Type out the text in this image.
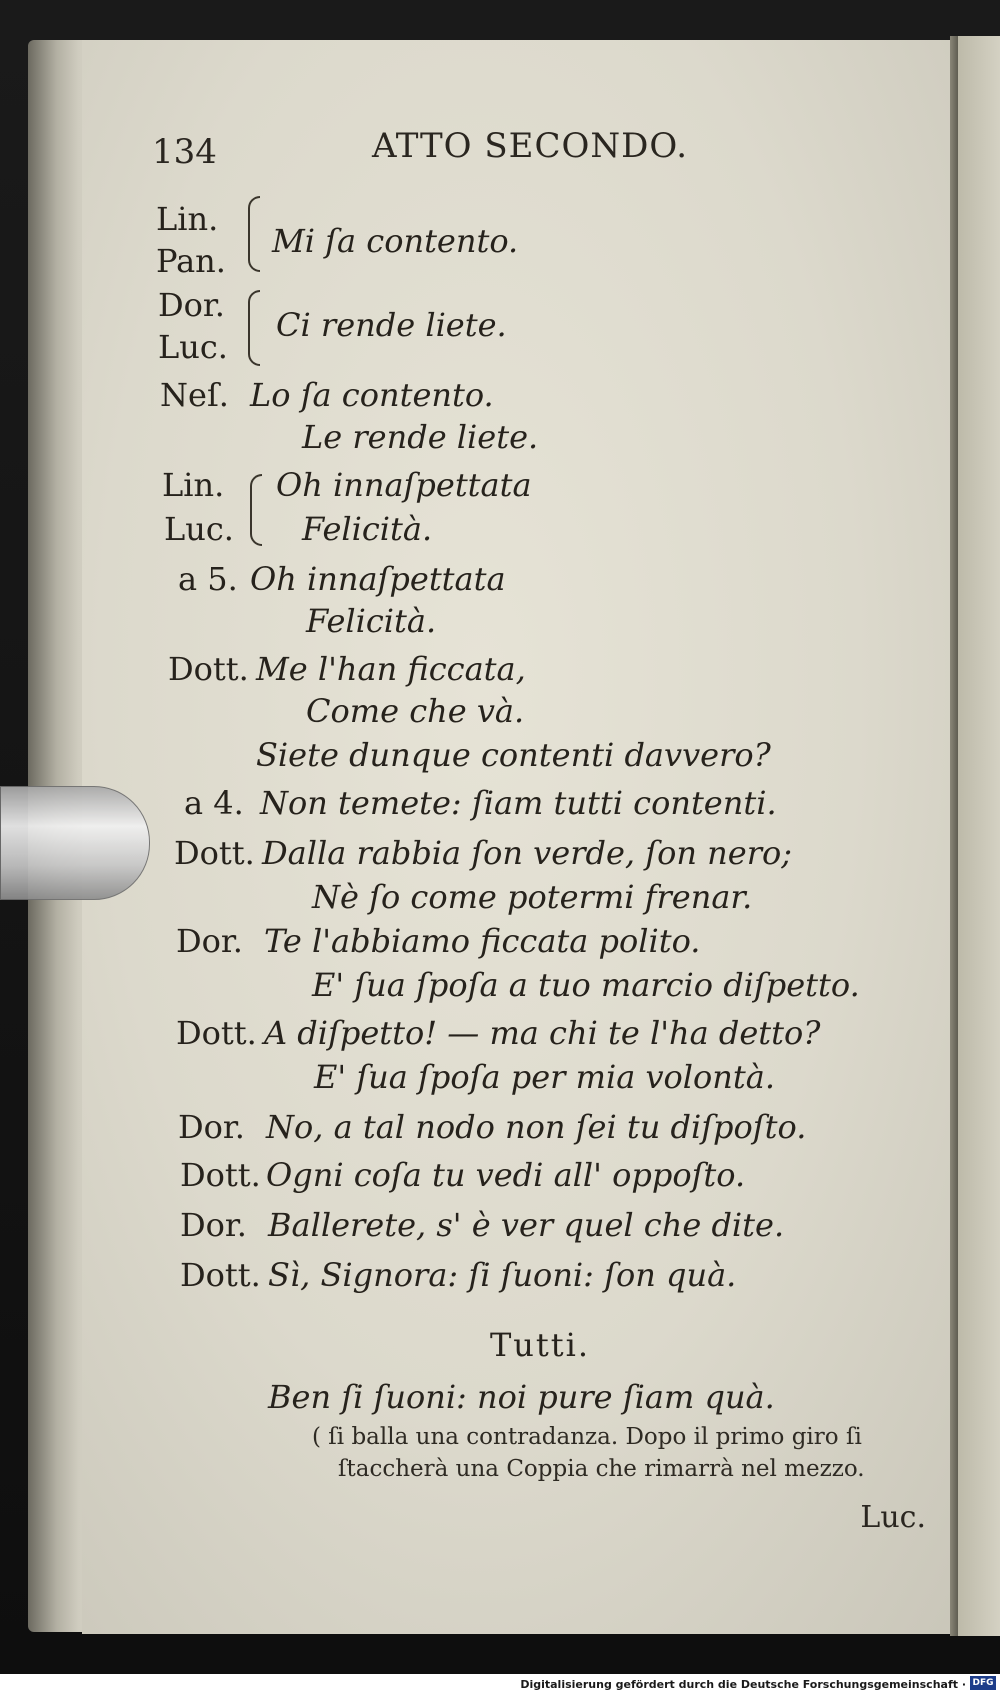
134	ATTO SECONDO.
Lin.
Pan.
Mi ſa contento.
Dor.
Ci rende liete.
Luc.
Neſ. Lo ſa contento.
Le rende liete.
Lin. Oh innaſpettata
Luc. Felicità.
a 5. Oh innaſpettata
Felicità.
Dott. Me l'han ficcata,
Come che và.
Siete dunque contenti davvero?
a 4. Non temete: ſiam tutti contenti.
Dott. Dalla rabbia ſon verde, ſon nero;
Nè ſo come potermi frenar.
Dor. Te l'abbiamo ficcata polito.
E' ſua ſpoſa a tuo marcio diſpetto.
Dott. A diſpetto! — ma chi te l'ha detto?
E' ſua ſpoſa per mia volontà.
Dor. No, a tal nodo non ſei tu diſpoſto.
Dott. Ogni coſa tu vedi all' oppoſto.
Dor. Ballerete, s' è ver quel che dite.
Dott. Sì, Signora: ſi ſuoni: ſon quà.
Tutti.
Ben ſi ſuoni: noi pure ſiam quà.
( ſi balla una contradanza. Dopo il primo giro ſi
ſtaccherà una Coppia che rimarrà nel mezzo.
Luc.
Digitalisierung gefördert durch die Deutsche Forschungsgemeinschaft · DFG
